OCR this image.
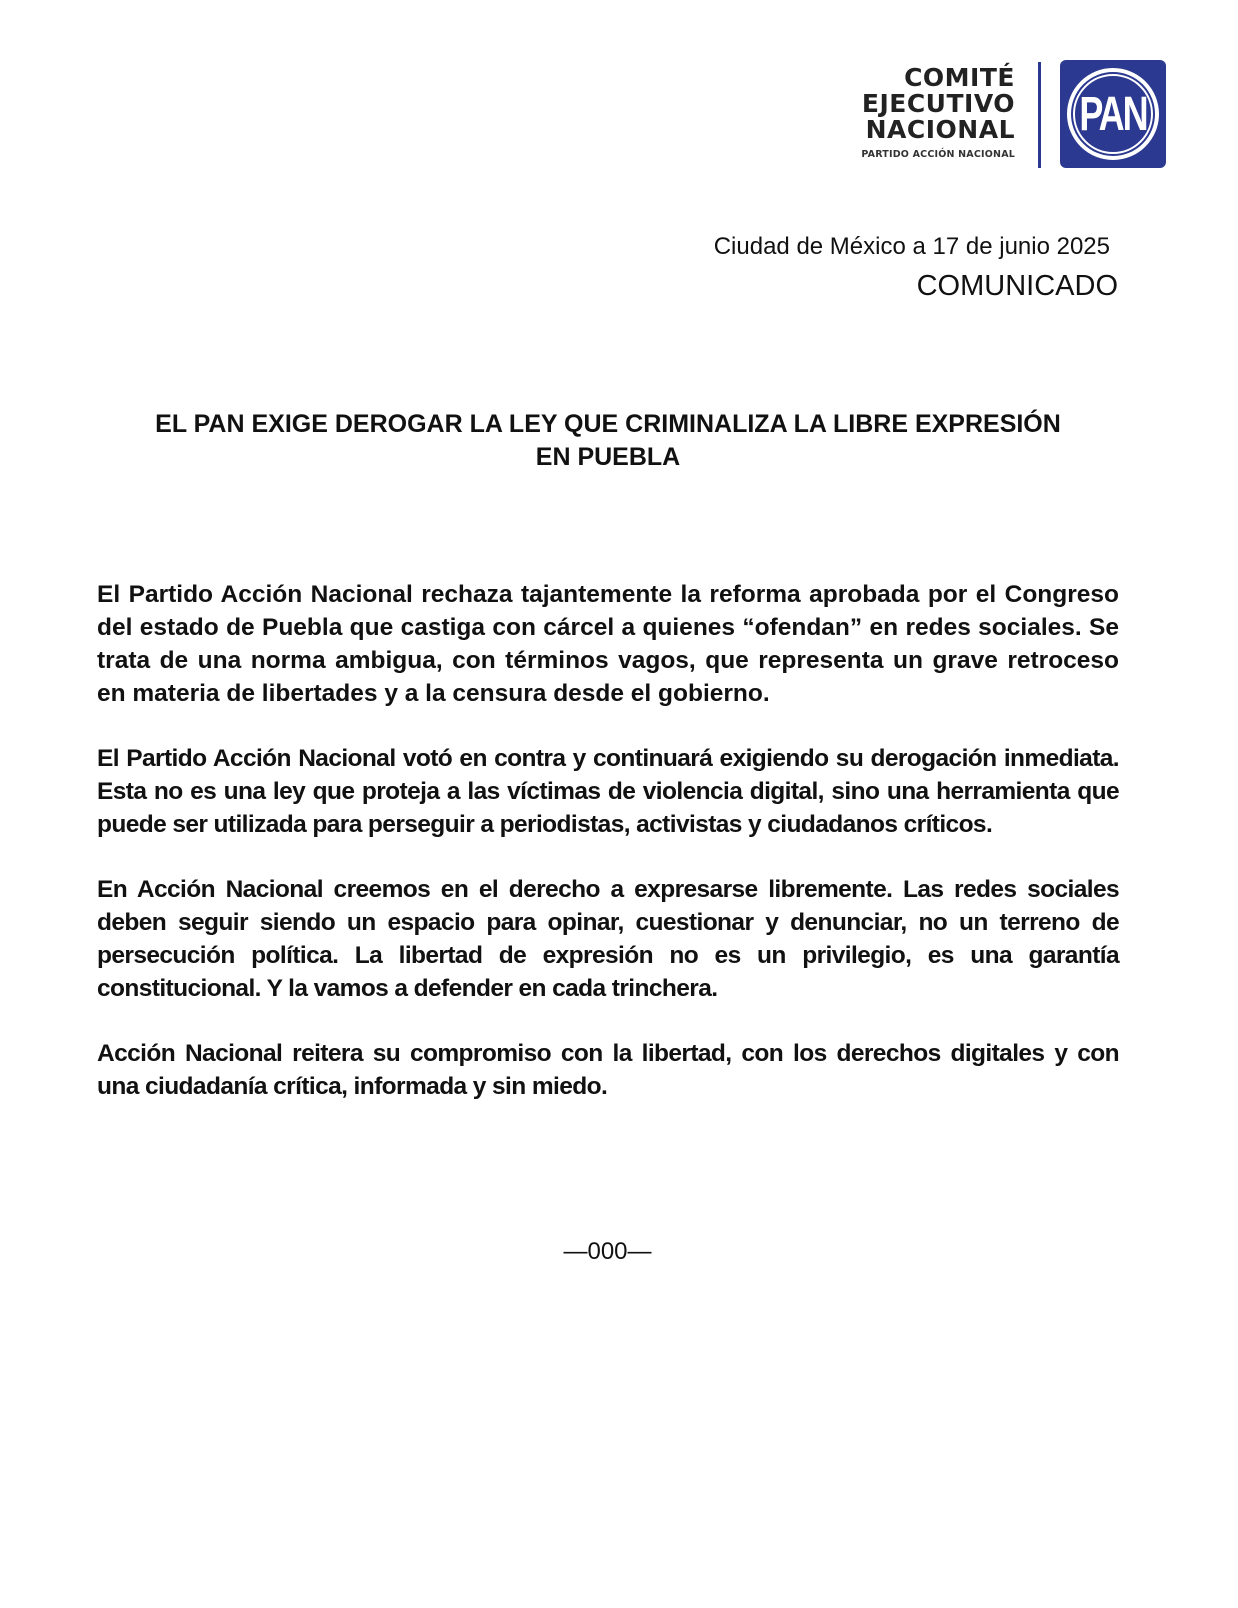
COMITÉ
EJECUTIVO
NACIONAL
PARTIDO ACCIÓN NACIONAL
PAN
Ciudad de México a 17 de junio 2025
COMUNICADO
EL PAN EXIGE DEROGAR LA LEY QUE CRIMINALIZA LA LIBRE EXPRESIÓN
EN PUEBLA

El Partido Acción Nacional rechaza tajantemente la reforma aprobada por el Congreso del estado de Puebla que castiga con cárcel a quienes “ofendan” en redes sociales. Se trata de una norma ambigua, con términos vagos, que representa un grave retroceso en materia de libertades y a la censura desde el gobierno.

El Partido Acción Nacional votó en contra y continuará exigiendo su derogación inmediata. Esta no es una ley que proteja a las víctimas de violencia digital, sino una herramienta que puede ser utilizada para perseguir a periodistas, activistas y ciudadanos críticos.

En Acción Nacional creemos en el derecho a expresarse libremente. Las redes sociales deben seguir siendo un espacio para opinar, cuestionar y denunciar, no un terreno de persecución política. La libertad de expresión no es un privilegio, es una garantía constitucional. Y la vamos a defender en cada trinchera.

Acción Nacional reitera su compromiso con la libertad, con los derechos digitales y con una ciudadanía crítica, informada y sin miedo.

—000—
